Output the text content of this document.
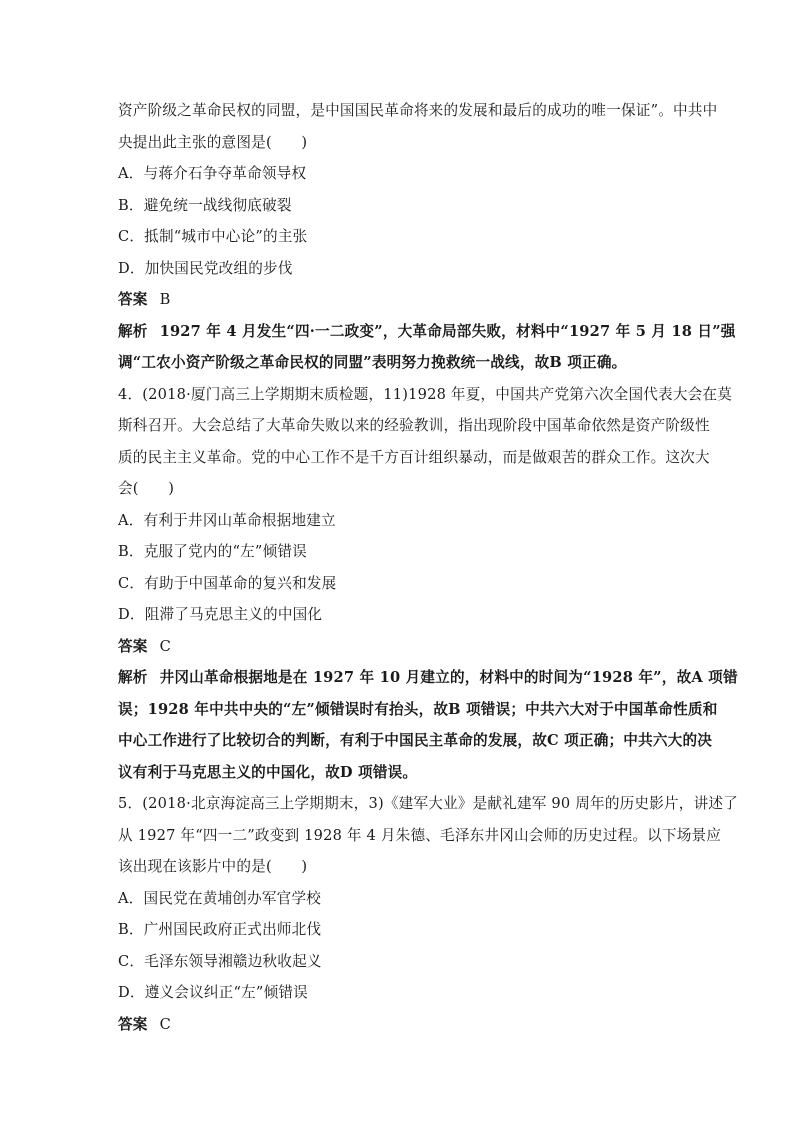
资产阶级之革命民权的同盟，是中国国民革命将来的发展和最后的成功的唯一保证”。中共中
央提出此主张的意图是(　　)
A．与蒋介石争夺革命领导权
B．避免统一战线彻底破裂
C．抵制“城市中心论”的主张
D．加快国民党改组的步伐
答案 B
解析 1927 年 4 月发生“四·一二政变”，大革命局部失败，材料中“1927 年 5 月 18 日”强
调“工农小资产阶级之革命民权的同盟”表明努力挽救统一战线，故B 项正确。
4．(2018·厦门高三上学期期末质检题，11)1928 年夏，中国共产党第六次全国代表大会在莫
斯科召开。大会总结了大革命失败以来的经验教训，指出现阶段中国革命依然是资产阶级性
质的民主主义革命。党的中心工作不是千方百计组织暴动，而是做艰苦的群众工作。这次大
会(　　)
A．有利于井冈山革命根据地建立
B．克服了党内的“左”倾错误
C．有助于中国革命的复兴和发展
D．阻滞了马克思主义的中国化
答案 C
解析 井冈山革命根据地是在 1927 年 10 月建立的，材料中的时间为“1928 年”，故A 项错
误；1928 年中共中央的“左”倾错误时有抬头，故B 项错误；中共六大对于中国革命性质和
中心工作进行了比较切合的判断，有利于中国民主革命的发展，故C 项正确；中共六大的决
议有利于马克思主义的中国化，故D 项错误。
5．(2018·北京海淀高三上学期期末，3)《建军大业》是献礼建军 90 周年的历史影片，讲述了
从 1927 年“四一二”政变到 1928 年 4 月朱德、毛泽东井冈山会师的历史过程。以下场景应
该出现在该影片中的是(　　)
A．国民党在黄埔创办军官学校
B．广州国民政府正式出师北伐
C．毛泽东领导湘赣边秋收起义
D．遵义会议纠正“左”倾错误
答案 C
